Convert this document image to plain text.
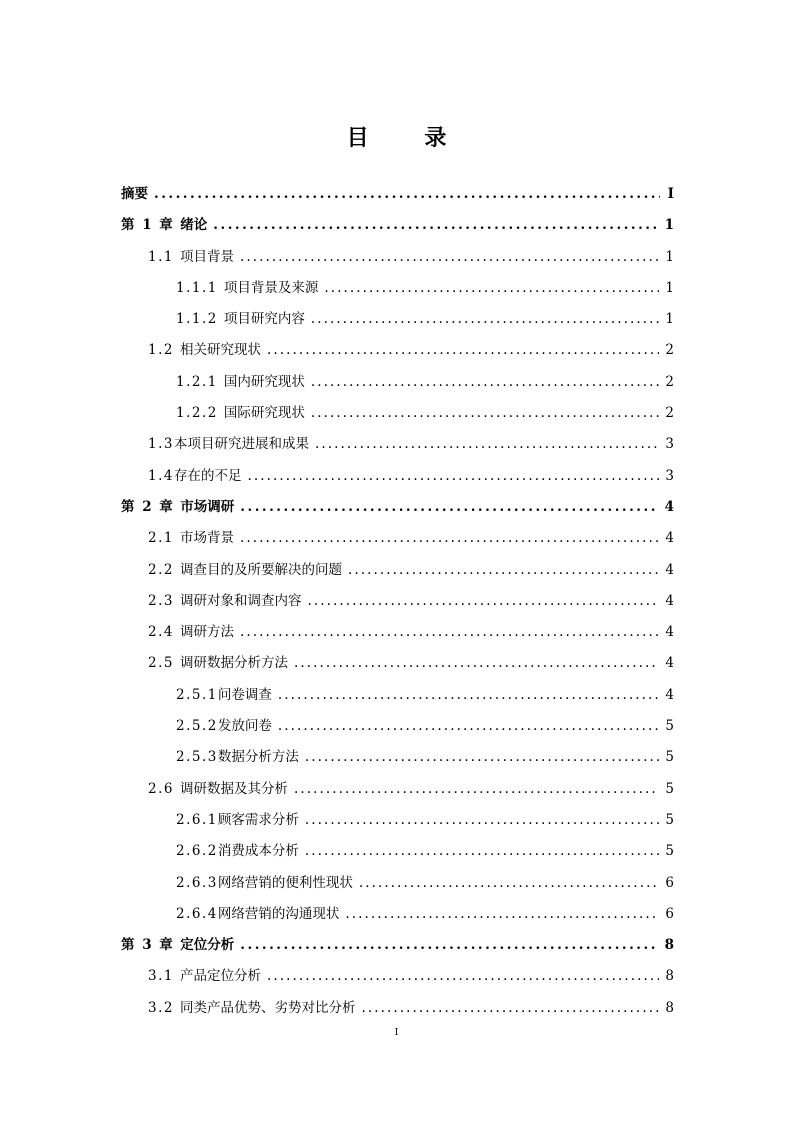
目 录
摘要 . . .	I
第 1 章 绪论 . . .	1
1.1 项目背景 . . .	1
1.1.1 项目背景及来源 . . .	1
1.1.2 项目研究内容 . . .	1
1.2 相关研究现状 . . .	2
1.2.1 国内研究现状 . . .	2
1.2.2 国际研究现状 . . .	2
1.3 本项目研究进展和成果 . . .	3
1.4 存在的不足 . . .	3
第 2 章 市场调研 . . .	4
2.1 市场背景 . . .	4
2.2 调查目的及所要解决的问题 . . .	4
2.3 调研对象和调查内容 . . .	4
2.4 调研方法 . . .	4
2.5 调研数据分析方法 . . .	4
2.5.1 问卷调查 . . .	4
2.5.2 发放问卷 . . .	5
2.5.3 数据分析方法 . . .	5
2.6 调研数据及其分析 . . .	5
2.6.1 顾客需求分析 . . .	5
2.6.2 消费成本分析 . . .	5
2.6.3 网络营销的便利性现状 . . .	6
2.6.4 网络营销的沟通现状 . . .	6
第 3 章 定位分析 . . .	8
3.1 产品定位分析 . . .	8
3.2 同类产品优势、劣势对比分析 . . .	8
I
